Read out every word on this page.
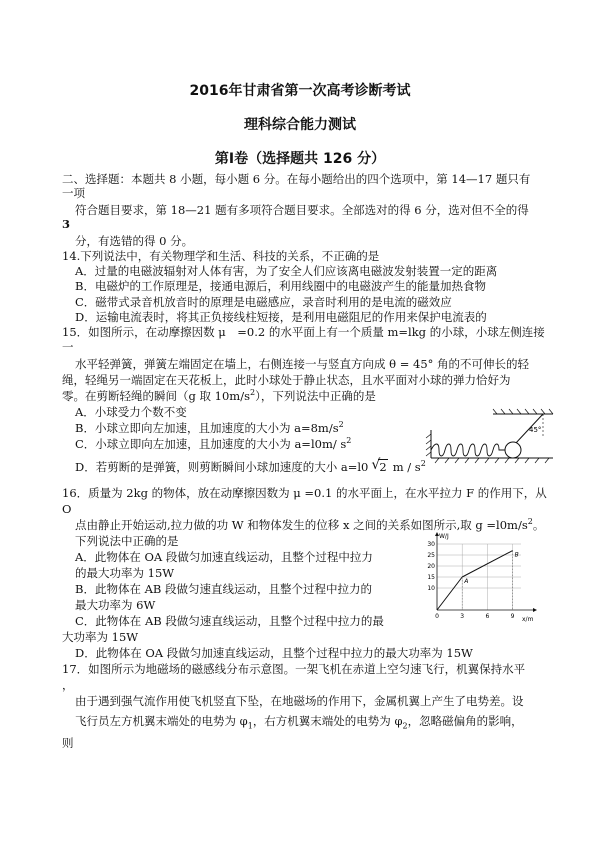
2016年甘肃省第一次高考诊断考试
理科综合能力测试
第Ⅰ卷（选择题共 126 分）
二、选择题：本题共 8 小题，每小题 6 分。在每小题给出的四个选项中，第 14—17 题只有
一项
符合题目要求，第 18—21 题有多项符合题目要求。全部选对的得 6 分，选对但不全的得
3
分，有选错的得 0 分。
14.下列说法中，有关物理学和生活、科技的关系，不正确的是
A．过量的电磁波辐射对人体有害，为了安全人们应该离电磁波发射装置一定的距离
B．电磁炉的工作原理是，接通电源后，利用线圈中的电磁波产生的能量加热食物
C．磁带式录音机放音时的原理是电磁感应，录音时利用的是电流的磁效应
D．运输电流表时，将其正负接线柱短接，是利用电磁阻尼的作用来保护电流表的
15．如图所示，在动摩擦因数 μ　=0.2 的水平面上有一个质量 m=lkg 的小球，小球左侧连接
一
水平轻弹簧，弹簧左端固定在墙上，右侧连接一与竖直方向成 θ = 45° 角的不可伸长的轻
绳，轻绳另一端固定在天花板上，此时小球处于静止状态，且水平面对小球的弹力恰好为
零。在剪断轻绳的瞬间（g 取 $10m/s^2$），下列说法中正确的是
A．小球受力个数不变
B．小球立即向左加速，且加速度的大小为 $a=8m/s^2$
C．小球立即向左加速，且加速度的大小为 a=l0m/ $s^2$
D．若剪断的是弹簧，则剪断瞬间小球加速度的大小 a=l0 √ 2 m / $s^2$
45°
16．质量为 2kg 的物体，放在动摩擦因数为 μ =0.1 的水平面上，在水平拉力 F 的作用下，从
O
点由静止开始运动,拉力做的功 W 和物体发生的位移 x 之间的关系如图所示,取 $g =l0m/s^2$。
下列说法中正确的是
A．此物体在 OA 段做匀加速直线运动，且整个过程中拉力
的最大功率为 15W
B．此物体在 AB 段做匀速直线运动，且整个过程中拉力的
最大功率为 6W
C．此物体在 AB 段做匀速直线运动，且整个过程中拉力的最
大功率为 15W
D．此物体在 OA 段做匀加速直线运动，且整个过程中拉力的最大功率为 15W
W/J
x/m
10
15
20
25
30
0	3	6	9
A
B
17．如图所示为地磁场的磁感线分布示意图。一架飞机在赤道上空匀速飞行，机翼保持水平
，
由于遇到强气流作用使飞机竖直下坠，在地磁场的作用下，金属机翼上产生了电势差。设
飞行员左方机翼末端处的电势为 $\varphi_1$，右方机翼末端处的电势为 $\varphi_2$，忽略磁偏角的影响，
则
